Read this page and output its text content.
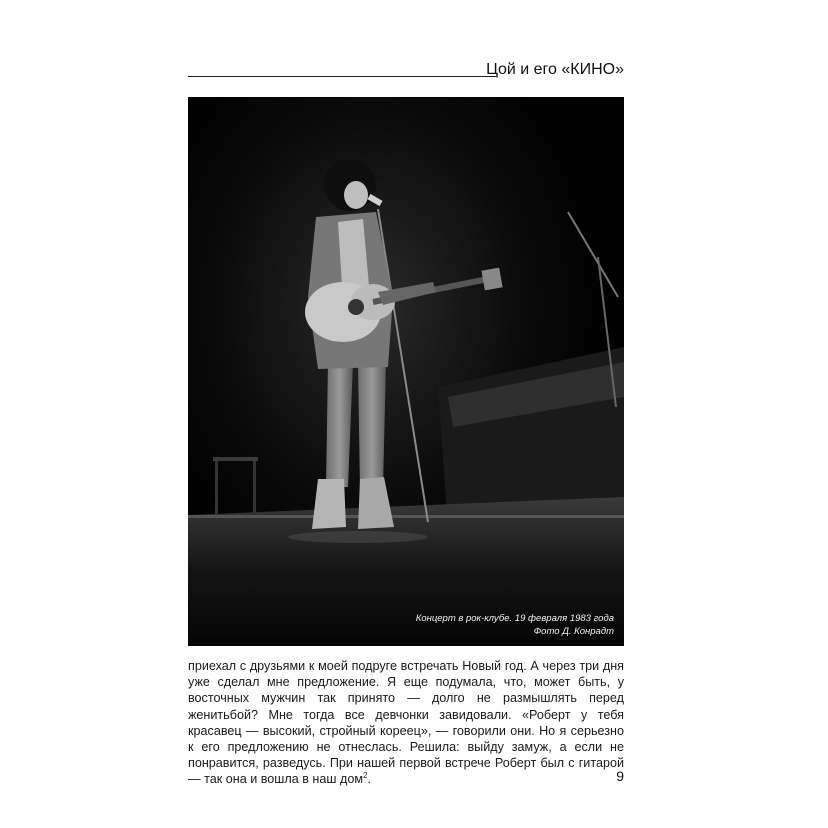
Цой и его «КИНО»
Концерт в рок-клубе. 19 февраля 1983 года
Фото Д. Конрадт

приехал с друзьями к моей подруге встречать Новый год. А через три дня уже сделал мне предложение. Я еще подумала, что, может быть, у восточных мужчин так принято — долго не размышлять перед женитьбой? Мне тогда все девчонки завидовали. «Роберт у тебя красавец — высокий, стройный кореец», — говорили они. Но я серьезно к его предложению не отнеслась. Решила: выйду замуж, а если не понравится, разведусь. При нашей первой встрече Роберт был с гитарой — так она и вошла в наш дом$^2$.	9
